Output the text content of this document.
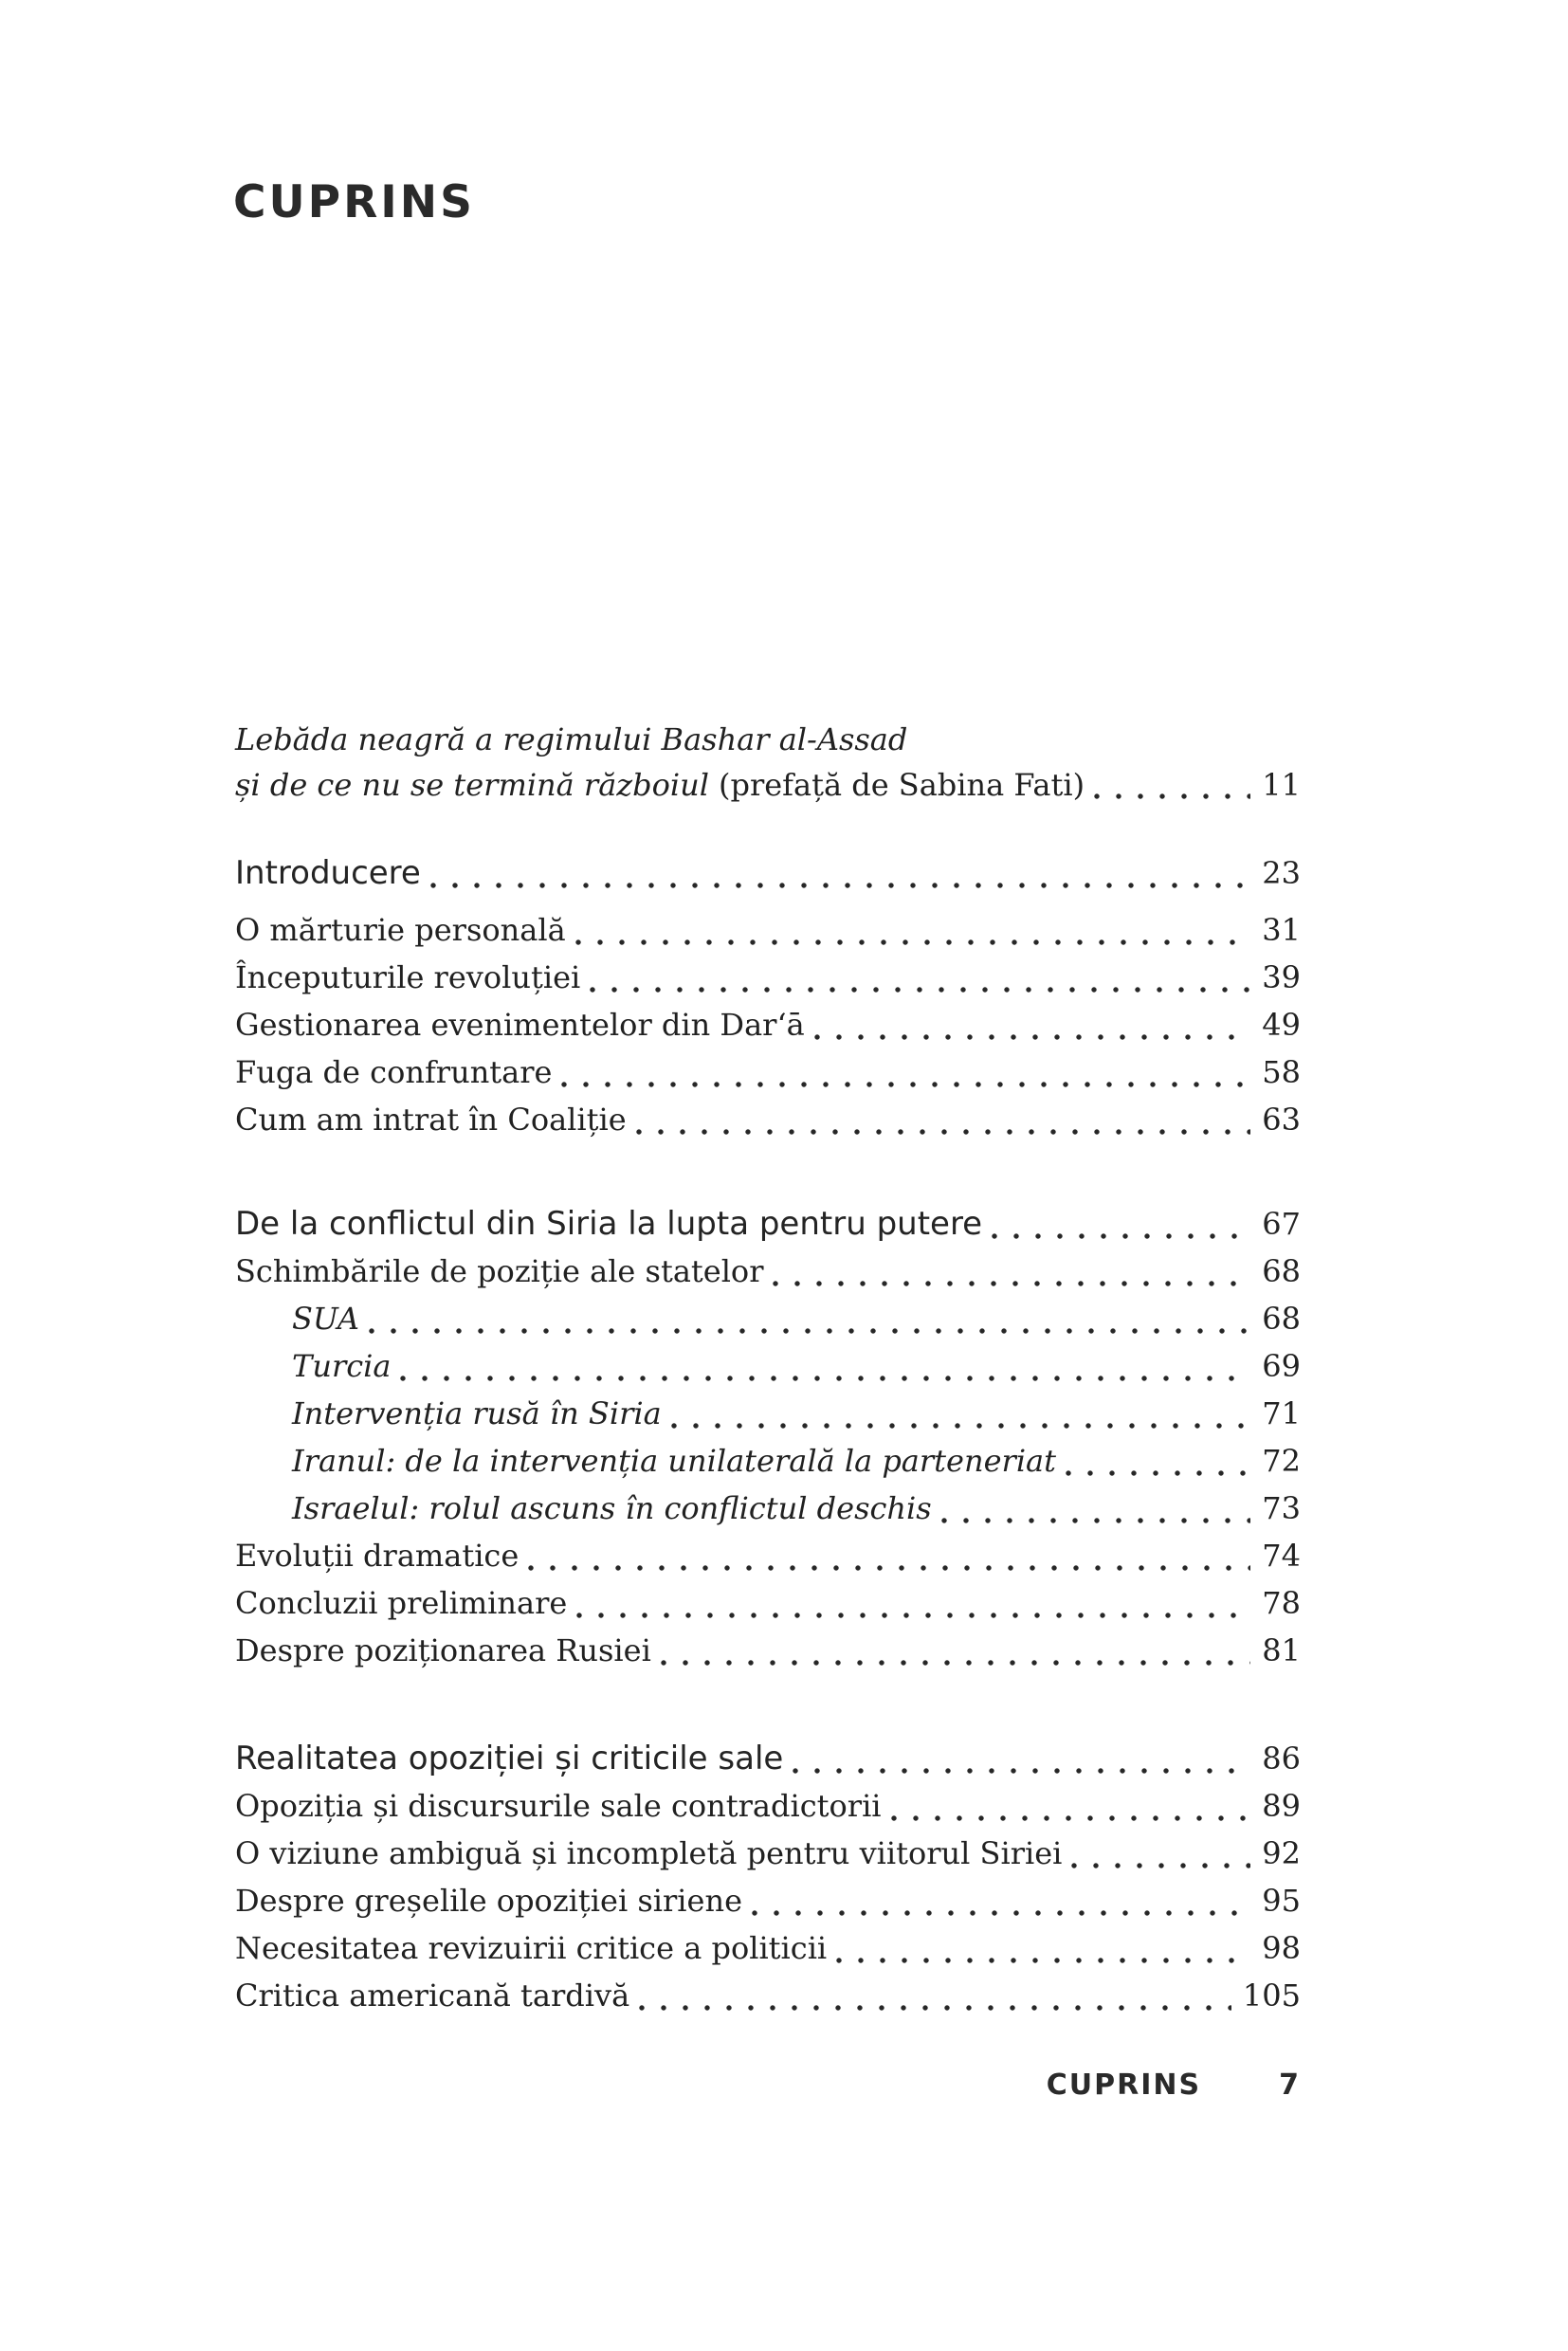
CUPRINS
Lebăda neagră a regimului Bashar al-Assad
și de ce nu se termină războiul (prefață de Sabina Fati)	11
Introducere	23
O mărturie personală	31
Începuturile revoluției	39
Gestionarea evenimentelor din Darʻā	49
Fuga de confruntare	58
Cum am intrat în Coaliție	63
De la conflictul din Siria la lupta pentru putere	67
Schimbările de poziție ale statelor	68
SUA	68
Turcia	69
Intervenția rusă în Siria	71
Iranul: de la intervenția unilaterală la parteneriat	72
Israelul: rolul ascuns în conflictul deschis	73
Evoluții dramatice	74
Concluzii preliminare	78
Despre poziționarea Rusiei	81
Realitatea opoziției și criticile sale	86
Opoziția și discursurile sale contradictorii	89
O viziune ambiguă și incompletă pentru viitorul Siriei	92
Despre greșelile opoziției siriene	95
Necesitatea revizuirii critice a politicii	98
Critica americană tardivă	105
CUPRINS	7
